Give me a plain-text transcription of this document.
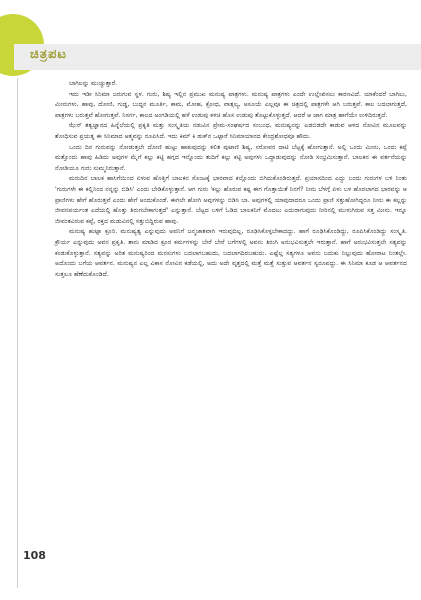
ಚಿತ್ರಪಟ

ಬಾಗಿಲನ್ನು ಮುಚ್ಚುತ್ತಾರೆ.

ಇದು ಇಡೀ ಸಿನಿಮಾ ಜರುಗುವ ಸ್ಥಳ. ಗುರು, ಶಿಷ್ಯ ಇಲ್ಲಿನ ಪ್ರಮುಖ ಮನುಷ್ಯ ಪಾತ್ರಗಳು. ಮನುಷ್ಯ ಪಾತ್ರಗಳು ಎಂದೇ ಉಲ್ಲೇಖಿಸಲು ಕಾರಣವಿದೆ. ಯಾಕೆಂದರೆ ಬಾಗಿಲು, ಮೀನುಗಳು, ಹಾವು, ದೋಣಿ, ಗುಡ್ಡ, ಬುದ್ಧನ ಮೂರ್ತಿ, ಕಾಮ, ಮೋಹ, ಕ್ರೋಧ, ವಾತ್ಸಲ್ಯ, ಅಸೂಯೆ ಎಲ್ಲವೂ ಈ ಚಿತ್ರದಲ್ಲಿ ಪಾತ್ರಗಳೇ ಆಗಿ ಬರುತ್ತವೆ. ಕಾಲ ಬದಲಾಗುತ್ತದೆ, ಪಾತ್ರಗಳು ಬರುತ್ತವೆ ಹೋಗುತ್ತವೆ. ನಿಸರ್ಗ, ಕಾಲದ ಅಂಗಡಿಯಲ್ಲಿ ಹಳೆ ಉಡುಪು ಕಳಚಿ ಹೊಸ ಉಡುಪು ತೊಟ್ಟುಕೊಳ್ಳುತ್ತದೆ. ಆದರೆ ಆ ಜಾಗ ಮಾತ್ರ ಹಾಗೆಯೇ ಉಳಿದಿರುತ್ತದೆ.

ಝೆನ್ ತತ್ವಜ್ಞಾನದ ಹಿನ್ನೆಲೆಯಲ್ಲಿ ಪ್ರಕೃತಿ ಮತ್ತು ಸಂಸ್ಕೃತಿಯ ನಡುವಿನ ಪ್ರೇಮ-ಸಂಘರ್ಷದ ಸಂಬಂಧ, ಮನುಷ್ಯನನ್ನು ಎಡಬಿಡದೇ ಕಾಡುವ ಆಳದ ನೋವಿನ ಮೂಲವನ್ನು ಶೋಧಿಸುವ ಪ್ರಯತ್ನ ಈ ಸಿನಿಮಾದ ಆತ್ಮವನ್ನು ರೂಪಿಸಿದೆ. ಇದು ಕಿಮ್ ಕಿ ಡುಕ್‌ನ ಒಟ್ಟಾರೆ ಸಿನಿಮಾಯಾನದ ಕೇಂದ್ರಶೋಧವೂ ಹೌದು.

ಒಂದು ದಿನ ಗುರುವನ್ನು ನೋಡುತ್ತಲೇ ದೋಣಿ ಹುಟ್ಟು ಹಾಕುವುದನ್ನು ಕಲಿತ ಪುಟಾಣಿ ಶಿಷ್ಯ, ಸರೋವರ ದಾಟಿ ಬೆಟ್ಟಕ್ಕೆ ಹೋಗುತ್ತಾನೆ. ಅಲ್ಲಿ ಒಂದು ಮೀನು, ಒಂದು ಕಪ್ಪೆ ಮತ್ತೊಂದು ಹಾವು ಹಿಡಿದು ಅವುಗಳ ಮೈಗೆ ಕಲ್ಲು ಕಟ್ಟಿ ಹಗ್ಗದ ಇನ್ನೊಂದು ತುದಿಗೆ ಕಲ್ಲು ಕಟ್ಟಿ ಅವುಗಳು ಒದ್ದಾಡುವುದನ್ನು ನೋಡಿ ಸಂಭ್ರಮಿಸುತ್ತಾನೆ. ಬಾಲಕನ ಈ ವರ್ತನೆಯನ್ನು ನೋಡಿಯೂ ಗುರು ಸುಮ್ಮನಿರುತ್ತಾನೆ.

ಮರುದಿನ ಬಾಲಕ ಹಾಸಿಗೆಯಿಂದ ಏಳುವ ಹೊತ್ತಿಗೆ ಬಾಲಕನ ಸೊಂಟಕ್ಕೆ ಭಾರವಾದ ಕಲ್ಲೊಂದು ಬಿಗಿದುಕೊಂಡಿರುತ್ತದೆ. ಪ್ರಯಾಸದಿಂದ ಎದ್ದು ಬಂದು ಗುರುಗಳ ಬಳಿ ನಿಂತು 'ಗುರುಗಳೇ ಈ ಕಲ್ಲಿನಿಂದ ನನ್ನನ್ನು ಬಿಡಿಸಿ' ಎಂದು ಬೇಡಿಕೊಳ್ಳುತ್ತಾನೆ. ಆಗ ಗುರು 'ಕಲ್ಲು ಹೊರುವ ಕಷ್ಟ ಈಗ ಗೊತ್ತಾಯಿತೆ ನಿನಗೆ? ನೀನು ಬೆಳಗ್ಗೆ ಏಳು ಬಳ ಹೊರಲಾಗದ ಭಾರವನ್ನು ಆ ಪ್ರಾಣಿಗಳು ಹೇಗೆ ಹೊರುತ್ತವೆ ಎಂದು ಹೇಗೆ ಅಂದುಕೊಂಡೆ. ಈಗಲೇ ಹೋಗಿ ಅವುಗಳನ್ನು ಬಿಡಿಸಿ ಬಾ. ಅವುಗಳಲ್ಲಿ ಯಾವುದಾದರೂ ಒಂದು ಪ್ರಾಣಿ ಸತ್ತುಹೋಗಿದ್ದರೂ ನೀನು ಈ ಕಲ್ಲನ್ನು ಜೀವನಪರ್ಯಂತ ಎದೆಯಲ್ಲಿ ಹೊತ್ತು ತಿರುಗಬೇಕಾಗುತ್ತದೆ' ಎನ್ನುತ್ತಾನೆ. ಬೆಟ್ಟದ ಬಳಿಗೆ ಓಡಿದ ಬಾಲಕನಿಗೆ ಮೊದಲು ಎದುರಾಗುವುದು ನೀರಿನಲ್ಲಿ ಮುಳುಗಿರುವ ಸತ್ತ ಮೀನು. ಇನ್ನೂ ಜೀವಂತವಿರುವ ಕಪ್ಪೆ, ರಕ್ತದ ಮಡುವಿನಲ್ಲಿ ಸತ್ತುಬಿದ್ದಿರುವ ಹಾವು.

ಮನುಷ್ಯ ಹುಟ್ಟಾ ಕ್ರೂರಿ. ಮನುಷ್ಯತ್ವ ಎನ್ನುವುದು ಅವನಿಗೆ ಜನ್ಮಜಾತವಾಗಿ ಇರುವುದಿಲ್ಲ, ರೂಢಿಸಿಕೊಳ್ಳಬೇಕಾದದ್ದು. ಹಾಗೆ ರೂಢಿಸಿಕೊಂಡಿದ್ದು, ರೂಪಿಸಿಕೊಂಡಿದ್ದು ಸಂಸ್ಕೃತಿ. ಕ್ರೌರ್ಯ ಎನ್ನುವುದು ಅವನ ಪ್ರಕೃತಿ. ತಾನು ಮಾಡಿದ ಕ್ರೂರ ಕರ್ಮಗಳನ್ನು ಬೇರೆ ಬೇರೆ ಬಗೆಗಳಲ್ಲಿ ಅವನು ತಿರುಗಿ ಅನುಭವಿಸುತ್ತಲೇ ಇರುತ್ತಾನೆ. ಹಾಗೆ ಅನುಭವಿಸುತ್ತಲೇ ಸತ್ಯವನ್ನು ಕಂಡುಕೊಳ್ಳುತ್ತಾನೆ. ಸತ್ಯವನ್ನು ಅರಿತ ಮನುಷ್ಯರಿಂದ ಮನಸುಗಳು ಬದಲಾಗಬಹುದು, ಬದಲಾಗದಿರಬಹುದು. ಎಷ್ಟೆಲ್ಲ ಸತ್ಯಗಳೂ ಅವನು ಬದುಕು ನಿಲ್ಲುವುದು ಹೋರಾಟ ನಿಂತಲ್ಲೇ. ಅದೊಂದು ಬಗೆಯ ಆವರ್ತನ. ಮನುಷ್ಯನ ಎಲ್ಲ ವಿಕಾಸ ನೋವಿನ ಕಡೆಯಲ್ಲಿ, ಅದು ಅದೇ ವೃತ್ತದಲ್ಲಿ ಮತ್ತೆ ಮತ್ತೆ ಸುತ್ತುವ ಆವರ್ತನ ಸ್ವರೂಪದ್ದು. ಈ ಸಿನಿಮಾ ಕೂಡ ಆ ಆವರ್ತನದ ಸುತ್ತಲೂ ಹೆಣೆದುಕೊಂಡಿದೆ.

108
